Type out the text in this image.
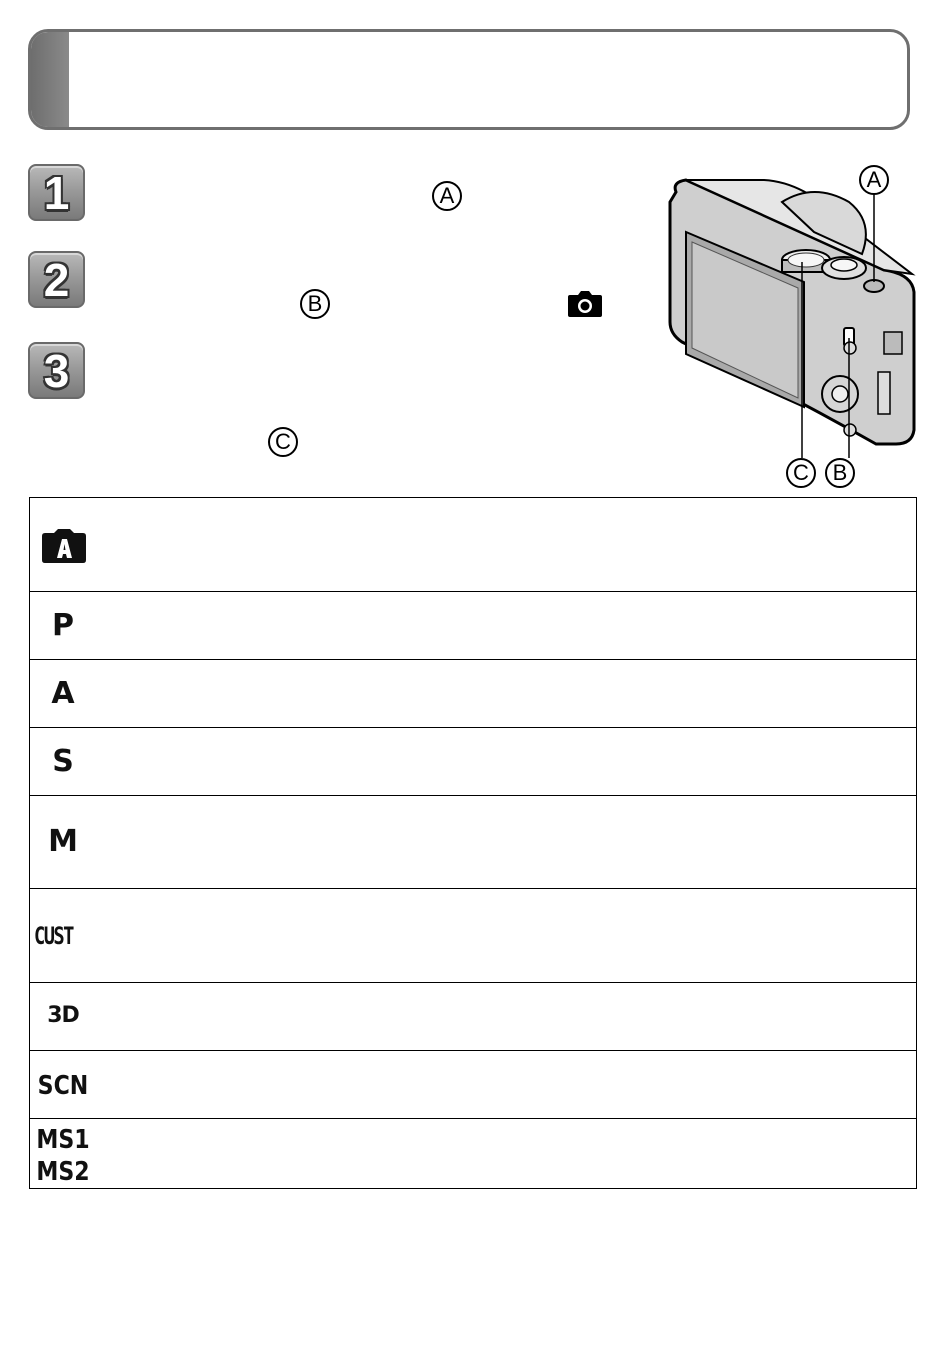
1	A
2	B
3
C
A
B
C

P

A

S

M

CUST

3D

SCN

MS1
MS2
